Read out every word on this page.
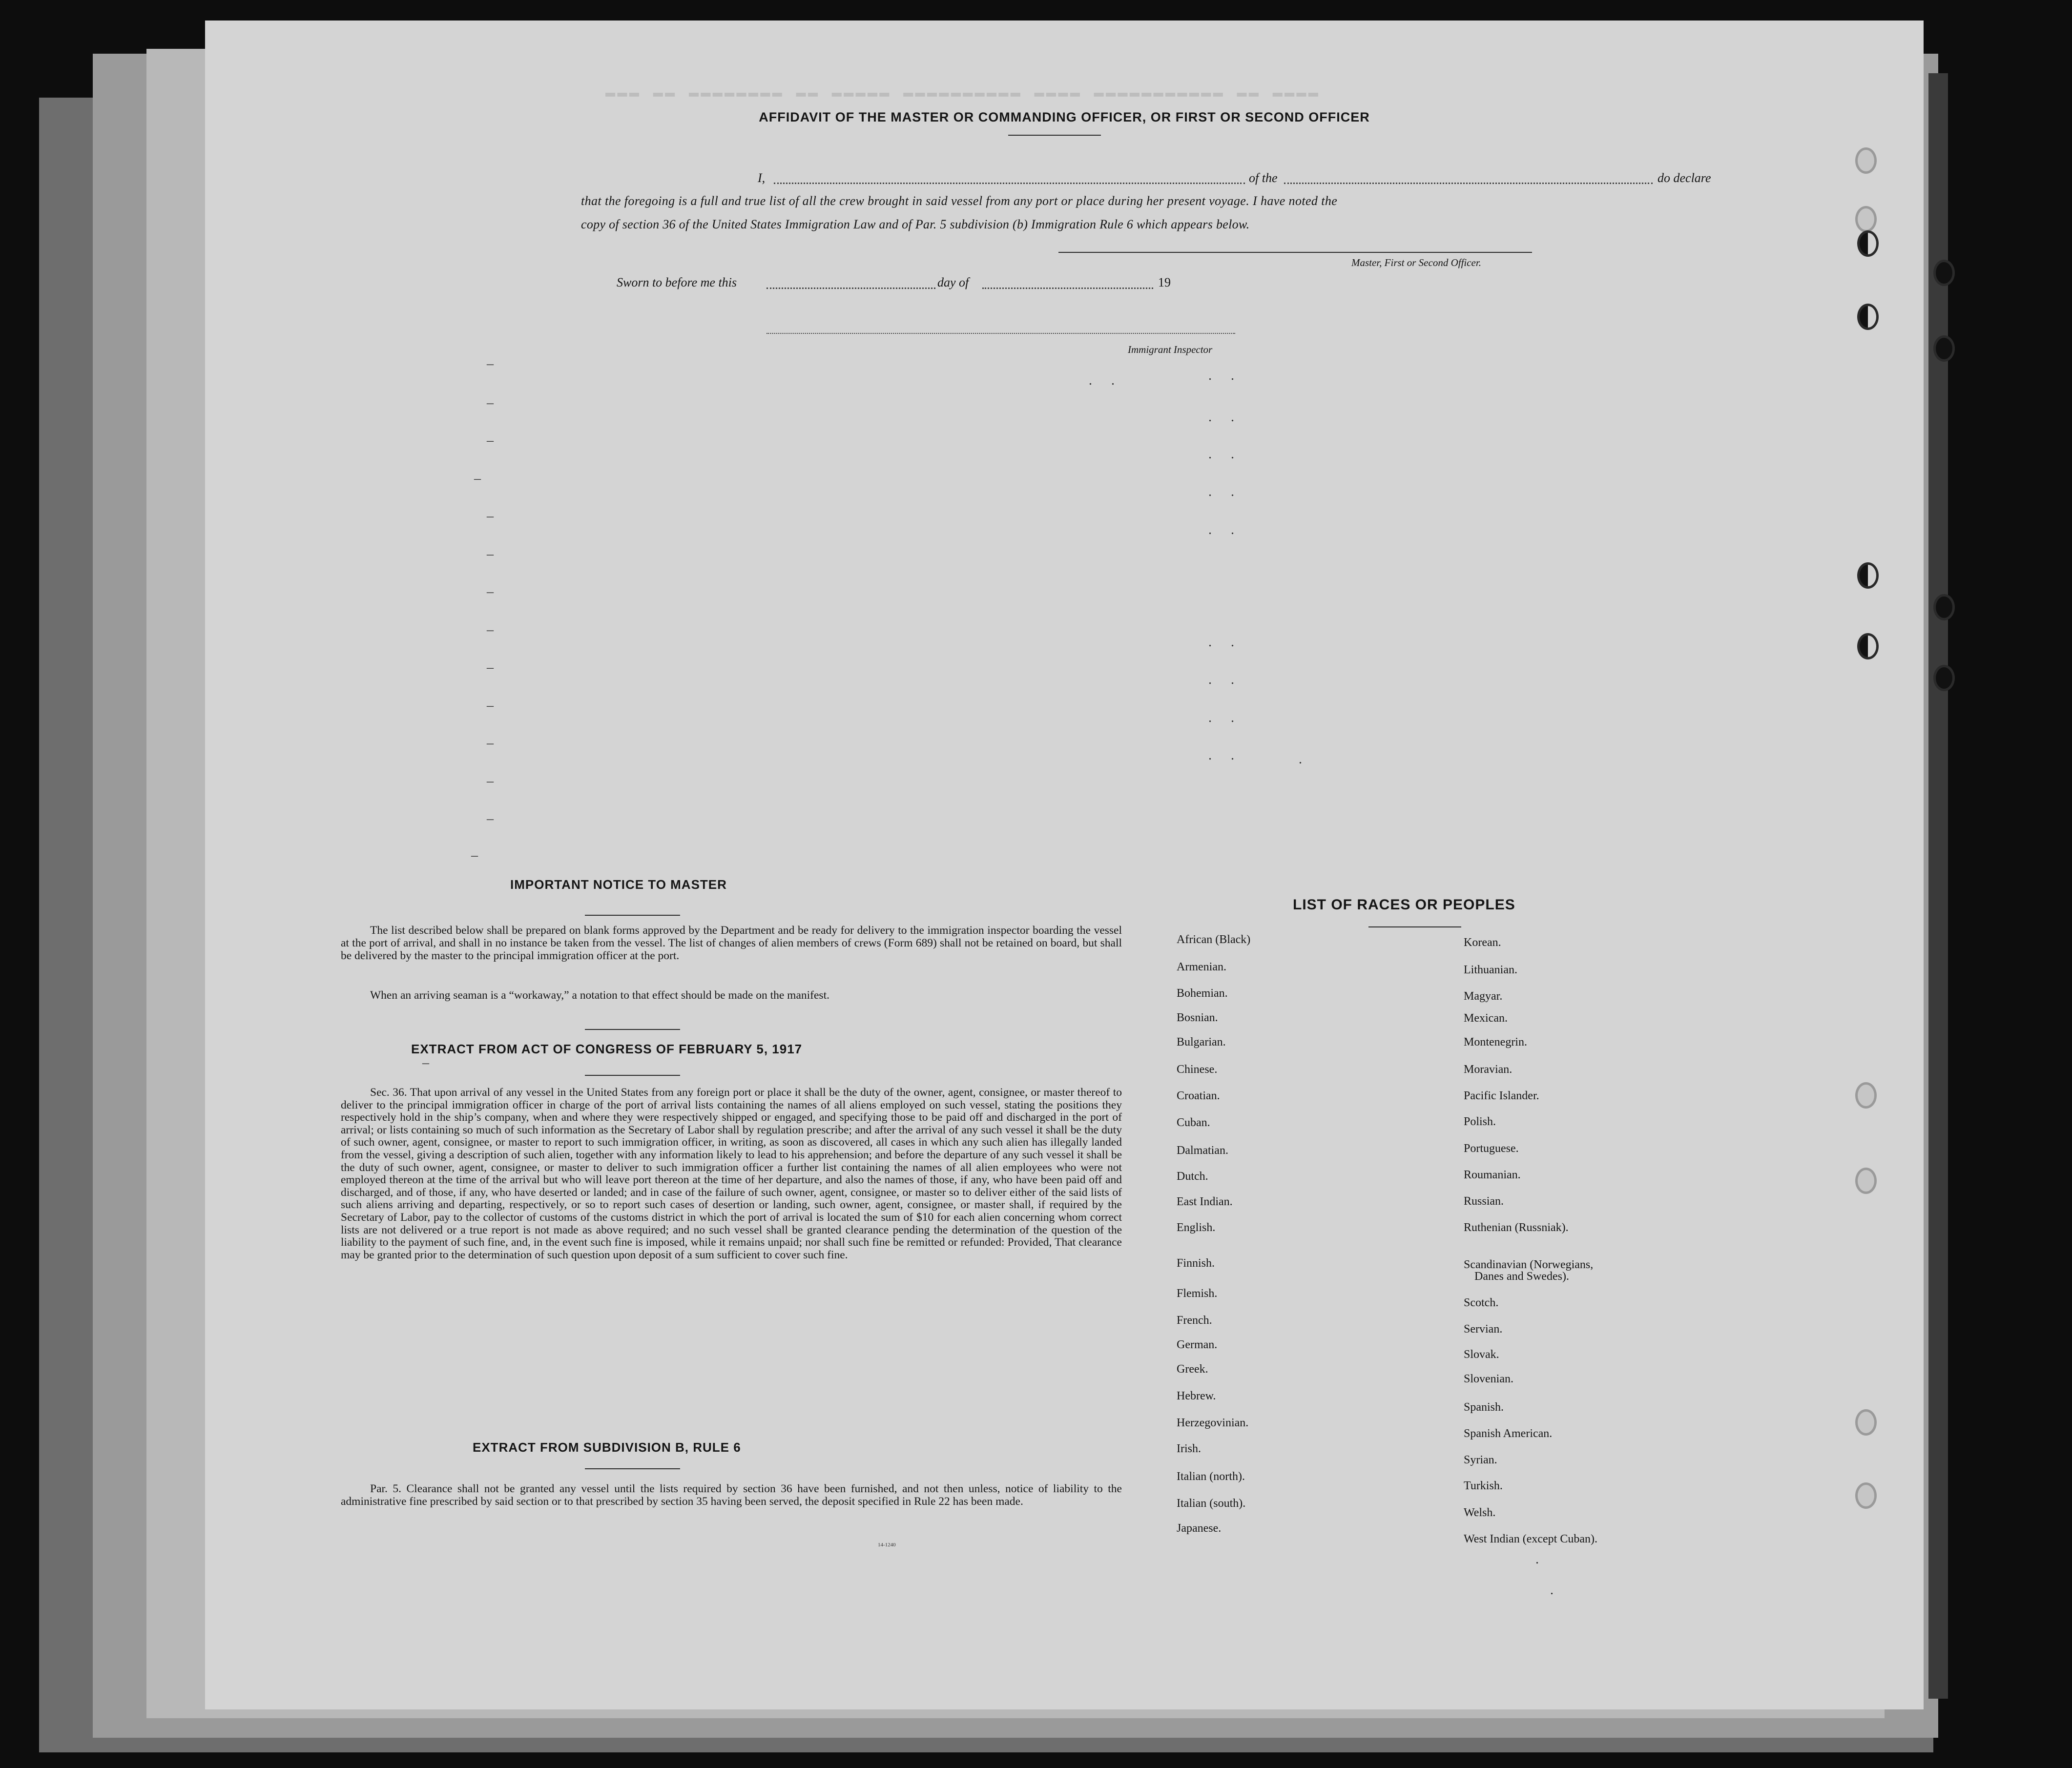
▬▬▬ ▬▬ ▬▬▬▬▬▬▬▬ ▬▬ ▬▬▬▬▬ ▬▬▬▬▬▬▬▬▬▬ ▬▬▬▬ ▬▬▬▬▬▬▬▬▬▬▬ ▬▬ ▬▬▬▬
AFFIDAVIT OF THE MASTER OR COMMANDING OFFICER, OR FIRST OR SECOND OFFICER
I,	of the	do declare
that the foregoing is a full and true list of all the crew brought in said vessel from any port or place during her present voyage. I have noted the
copy of section 36 of the United States Immigration Law and of Par. 5 subdivision (b) Immigration Rule 6 which appears below.
Master, First or Second Officer.
Sworn to before me this	day of	19
Immigrant Inspector
–
–
–
–
–
–
–
–
–
–
–
–
–
–
. .	. .
. .
. .
. .
. .
. .
. .
. .
. .	.
IMPORTANT NOTICE TO MASTER

The list described below shall be prepared on blank forms approved by the Department and be ready for delivery to the immigration inspector boarding the vessel at the port of arrival, and shall in no instance be taken from the vessel. The list of changes of alien members of crews (Form 689) shall not be retained on board, but shall be delivered by the master to the principal immigration officer at the port.

When an arriving seaman is a “workaway,” a notation to that effect should be made on the manifest.

EXTRACT FROM ACT OF CONGRESS OF FEBRUARY 5, 1917
–

Sec. 36. That upon arrival of any vessel in the United States from any foreign port or place it shall be the duty of the owner, agent, consignee, or master thereof to deliver to the principal immigration officer in charge of the port of arrival lists containing the names of all aliens employed on such vessel, stating the positions they respectively hold in the ship’s company, when and where they were respectively shipped or engaged, and specifying those to be paid off and discharged in the port of arrival; or lists containing so much of such information as the Secretary of Labor shall by regulation prescribe; and after the arrival of any such vessel it shall be the duty of such owner, agent, consignee, or master to report to such immigration officer, in writing, as soon as discovered, all cases in which any such alien has illegally landed from the vessel, giving a description of such alien, together with any information likely to lead to his apprehension; and before the departure of any such vessel it shall be the duty of such owner, agent, consignee, or master to deliver to such immigration officer a further list containing the names of all alien employees who were not employed thereon at the time of the arrival but who will leave port thereon at the time of her departure, and also the names of those, if any, who have been paid off and discharged, and of those, if any, who have deserted or landed; and in case of the failure of such owner, agent, consignee, or master so to deliver either of the said lists of such aliens arriving and departing, respectively, or so to report such cases of desertion or landing, such owner, agent, consignee, or master shall, if required by the Secretary of Labor, pay to the collector of customs of the customs district in which the port of arrival is located the sum of $10 for each alien concerning whom correct lists are not delivered or a true report is not made as above required; and no such vessel shall be granted clearance pending the determination of the question of the liability to the payment of such fine, and, in the event such fine is imposed, while it remains unpaid; nor shall such fine be remitted or refunded: Provided, That clearance may be granted prior to the determination of such question upon deposit of a sum sufficient to cover such fine.

EXTRACT FROM SUBDIVISION B, RULE 6

Par. 5. Clearance shall not be granted any vessel until the lists required by section 36 have been furnished, and not then unless, notice of liability to the administrative fine prescribed by said section or to that prescribed by section 35 having been served, the deposit specified in Rule 22 has been made.

14-1240
LIST OF RACES OR PEOPLES
African (Black)
Armenian.
Bohemian.
Bosnian.
Bulgarian.
Chinese.
Croatian.
Cuban.
Dalmatian.
Dutch.
East Indian.
English.
Finnish.
Flemish.
French.
German.
Greek.
Hebrew.
Herzegovinian.
Irish.
Italian (north).
Italian (south).
Japanese.
Korean.
Lithuanian.
Magyar.
Mexican.
Montenegrin.
Moravian.
Pacific Islander.
Polish.
Portuguese.
Roumanian.
Russian.
Ruthenian (Russniak).
Scandinavian (Norwegians,
Danes and Swedes).
Scotch.
Servian.
Slovak.
Slovenian.
Spanish.
Spanish American.
Syrian.
Turkish.
Welsh.
West Indian (except Cuban).
.
.
